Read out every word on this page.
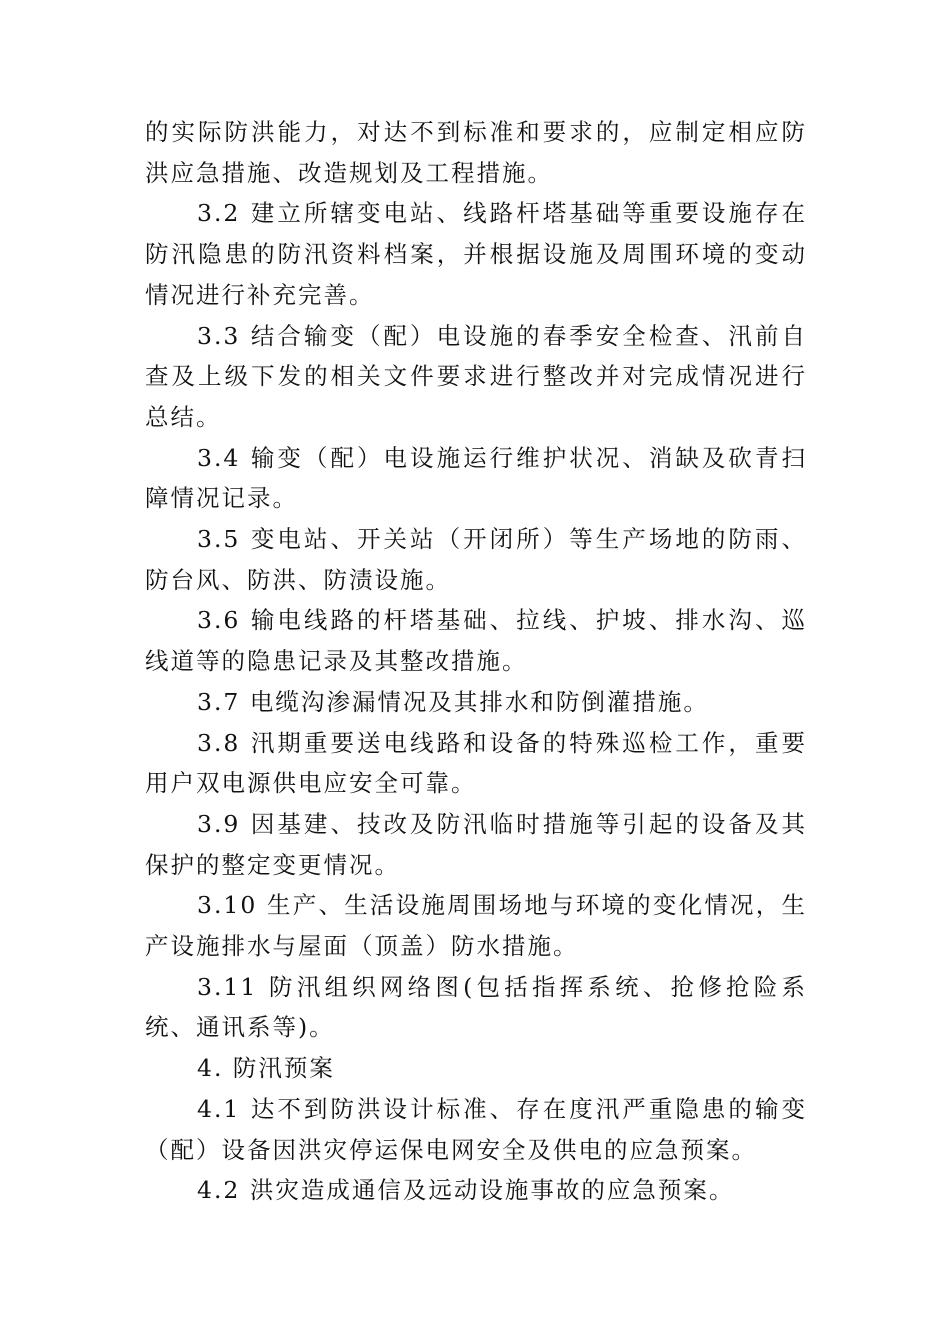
的实际防洪能力，对达不到标准和要求的，应制定相应防洪应急措施、改造规划及工程措施。

3.2 建立所辖变电站、线路杆塔基础等重要设施存在防汛隐患的防汛资料档案，并根据设施及周围环境的变动情况进行补充完善。

3.3 结合输变（配）电设施的春季安全检查、汛前自查及上级下发的相关文件要求进行整改并对完成情况进行总结。

3.4 输变（配）电设施运行维护状况、消缺及砍青扫障情况记录。

3.5 变电站、开关站（开闭所）等生产场地的防雨、防台风、防洪、防渍设施。

3.6 输电线路的杆塔基础、拉线、护坡、排水沟、巡线道等的隐患记录及其整改措施。

3.7 电缆沟渗漏情况及其排水和防倒灌措施。

3.8 汛期重要送电线路和设备的特殊巡检工作，重要用户双电源供电应安全可靠。

3.9 因基建、技改及防汛临时措施等引起的设备及其保护的整定变更情况。

3.10 生产、生活设施周围场地与环境的变化情况，生产设施排水与屋面（顶盖）防水措施。

3.11 防汛组织网络图(包括指挥系统、抢修抢险系统、通讯系等)。

4. 防汛预案

4.1 达不到防洪设计标准、存在度汛严重隐患的输变（配）设备因洪灾停运保电网安全及供电的应急预案。

4.2 洪灾造成通信及远动设施事故的应急预案。
